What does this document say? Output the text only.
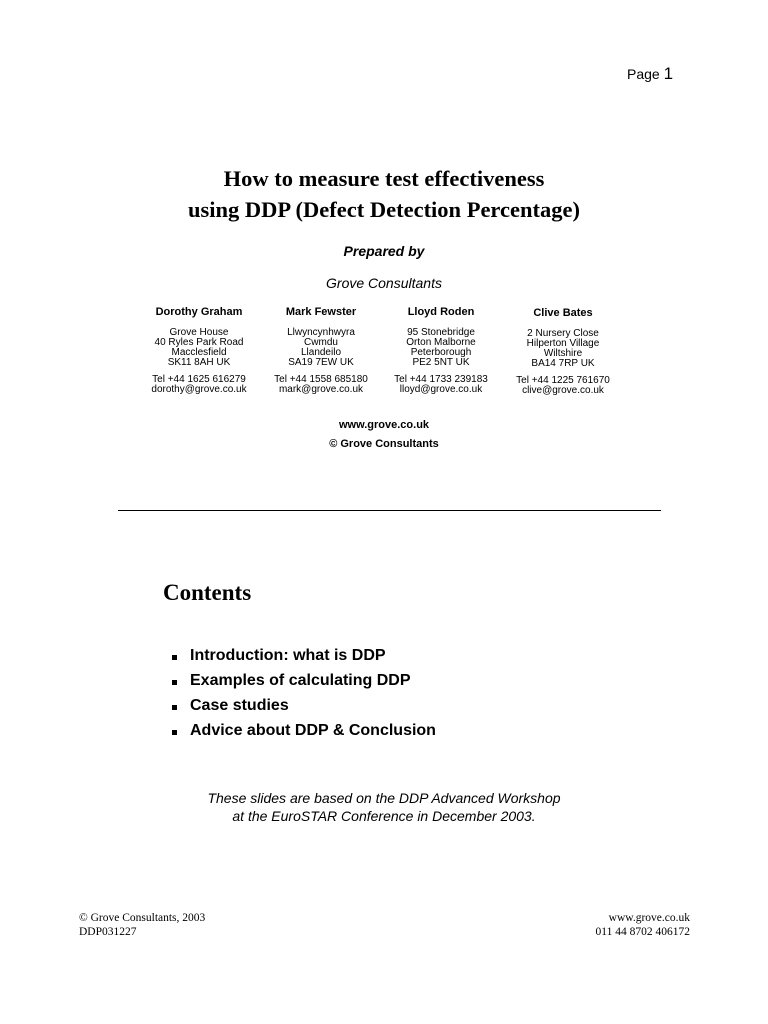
Page 1
How to measure test effectiveness
using DDP (Defect Detection Percentage)
Prepared by
Grove Consultants
Dorothy Graham
Grove House
40 Ryles Park Road
Macclesfield
SK11 8AH UK
Tel +44 1625 616279
dorothy@grove.co.uk
Mark Fewster
Llwyncynhwyra
Cwmdu
Llandeilo
SA19 7EW UK
Tel +44 1558 685180
mark@grove.co.uk
Lloyd Roden
95 Stonebridge
Orton Malborne
Peterborough
PE2 5NT UK
Tel +44 1733 239183
lloyd@grove.co.uk
Clive Bates
2 Nursery Close
Hilperton Village
Wiltshire
BA14 7RP UK
Tel +44 1225 761670
clive@grove.co.uk
www.grove.co.uk
© Grove Consultants
Contents
Introduction: what is DDP
Examples of calculating DDP
Case studies
Advice about DDP & Conclusion
These slides are based on the DDP Advanced Workshop
at the EuroSTAR Conference in December 2003.
© Grove Consultants, 2003
DDP031227
www.grove.co.uk
011 44 8702 406172
